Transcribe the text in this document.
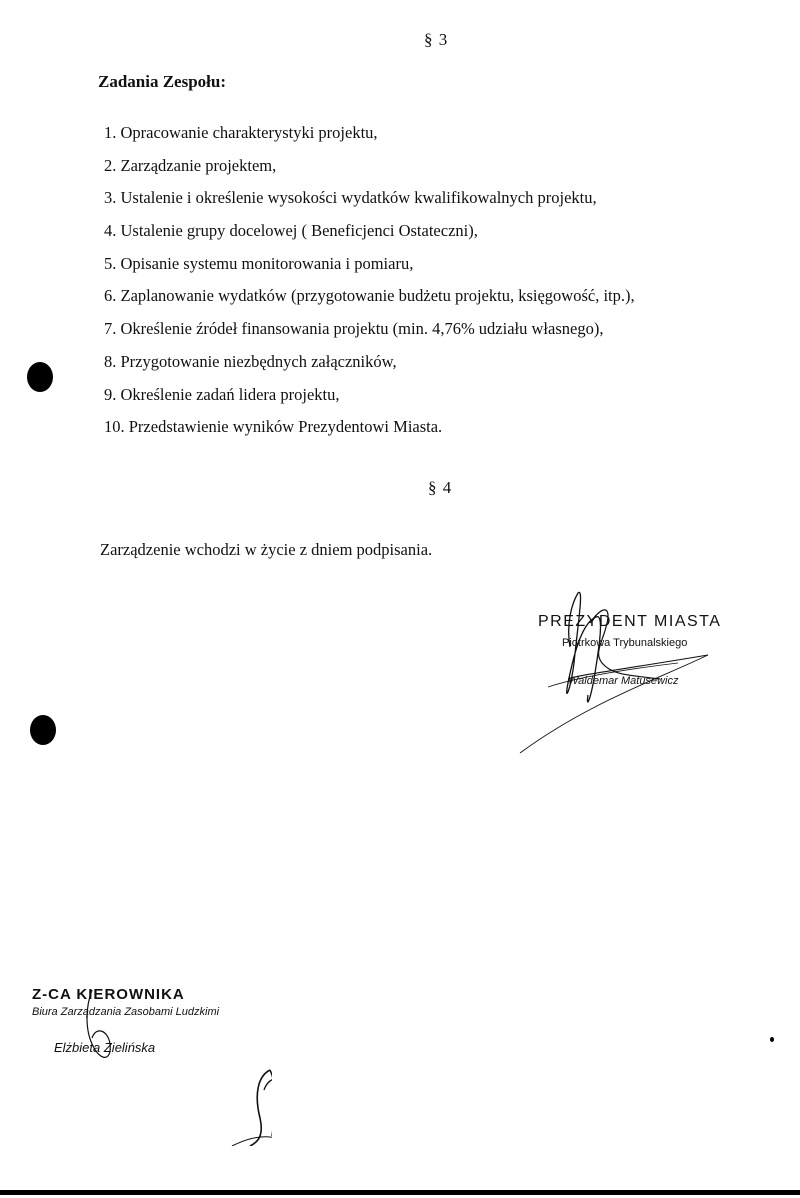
§ 3
Zadania Zespołu:
1. Opracowanie charakterystyki projektu,
2. Zarządzanie projektem,
3. Ustalenie i określenie wysokości wydatków kwalifikowalnych projektu,
4. Ustalenie grupy docelowej ( Beneficjenci Ostateczni),
5. Opisanie systemu monitorowania i pomiaru,
6. Zaplanowanie wydatków (przygotowanie budżetu projektu, księgowość, itp.),
7. Określenie źródeł finansowania projektu (min. 4,76% udziału własnego),
8. Przygotowanie niezbędnych załączników,
9. Określenie zadań lidera projektu,
10. Przedstawienie wyników Prezydentowi Miasta.
§ 4
Zarządzenie wchodzi w życie z dniem podpisania.
PREZYDENT MIASTA
Piotrkowa Trybunalskiego
Waldemar Matusewicz
Z-CA KIEROWNIKA
Biura Zarządzania Zasobami Ludzkimi
Elżbieta Zielińska
